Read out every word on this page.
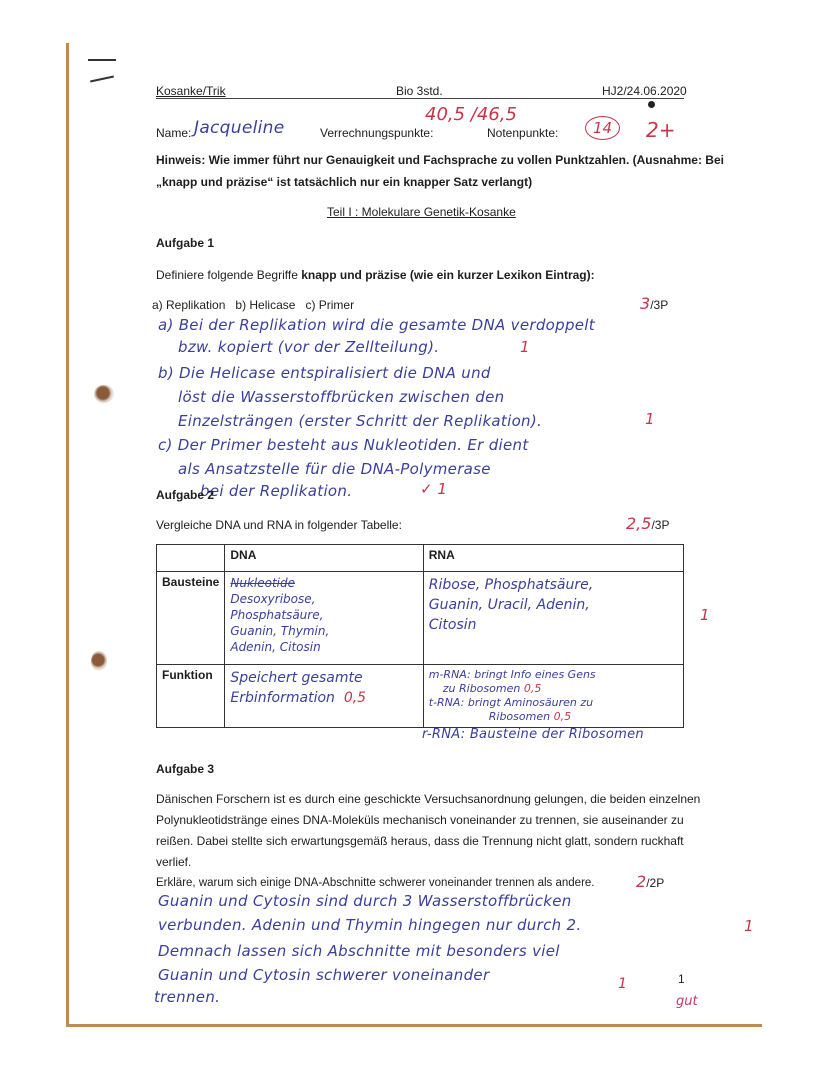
Kosanke/Trik	Bio 3std.	HJ2/24.06.2020
40,5 /46,5
Name: Jacqueline	Verrechnungspunkte:	Notenpunkte:	14	2+
Hinweis: Wie immer führt nur Genauigkeit und Fachsprache zu vollen Punktzahlen. (Ausnahme: Bei
„knapp und präzise“ ist tatsächlich nur ein knapper Satz verlangt)
Teil I : Molekulare Genetik-Kosanke
Aufgabe 1
Definiere folgende Begriffe knapp und präzise (wie ein kurzer Lexikon Eintrag):
a) Replikation b) Helicase c) Primer	3/3P
a) Bei der Replikation wird die gesamte DNA verdoppelt
bzw. kopiert (vor der Zellteilung).	1
b) Die Helicase entspiralisiert die DNA und
löst die Wasserstoffbrücken zwischen den
Einzelsträngen (erster Schritt der Replikation).	1
c) Der Primer besteht aus Nukleotiden. Er dient
als Ansatzstelle für die DNA-Polymerase
bei der Replikation.	✓ 1
Aufgabe 2
Vergleiche DNA und RNA in folgender Tabelle:	2,5/3P
	DNA	RNA
Bausteine	Nukleotide
Desoxyribose,
Phosphatsäure,
Guanin, Thymin,
Adenin, Citosin	Ribose, Phosphatsäure,
Guanin, Uracil, Adenin,
Citosin

Funktion	Speichert gesamte
Erbinformation 0,5	m-RNA: bringt Info eines Gens
zu Ribosomen 0,5
t-RNA: bringt Aminosäuren zu
Ribosomen 0,5
1
r-RNA: Bausteine der Ribosomen
Aufgabe 3
Dänischen Forschern ist es durch eine geschickte Versuchsanordnung gelungen, die beiden einzelnen
Polynukleotidstränge eines DNA-Moleküls mechanisch voneinander zu trennen, sie auseinander zu
reißen. Dabei stellte sich erwartungsgemäß heraus, dass die Trennung nicht glatt, sondern ruckhaft
verlief.
Erkläre, warum sich einige DNA-Abschnitte schwerer voneinander trennen als andere.	2/2P
Guanin und Cytosin sind durch 3 Wasserstoffbrücken
verbunden. Adenin und Thymin hingegen nur durch 2.
Demnach lassen sich Abschnitte mit besonders viel
1
Guanin und Cytosin schwerer voneinander	1
trennen.
1
gut
